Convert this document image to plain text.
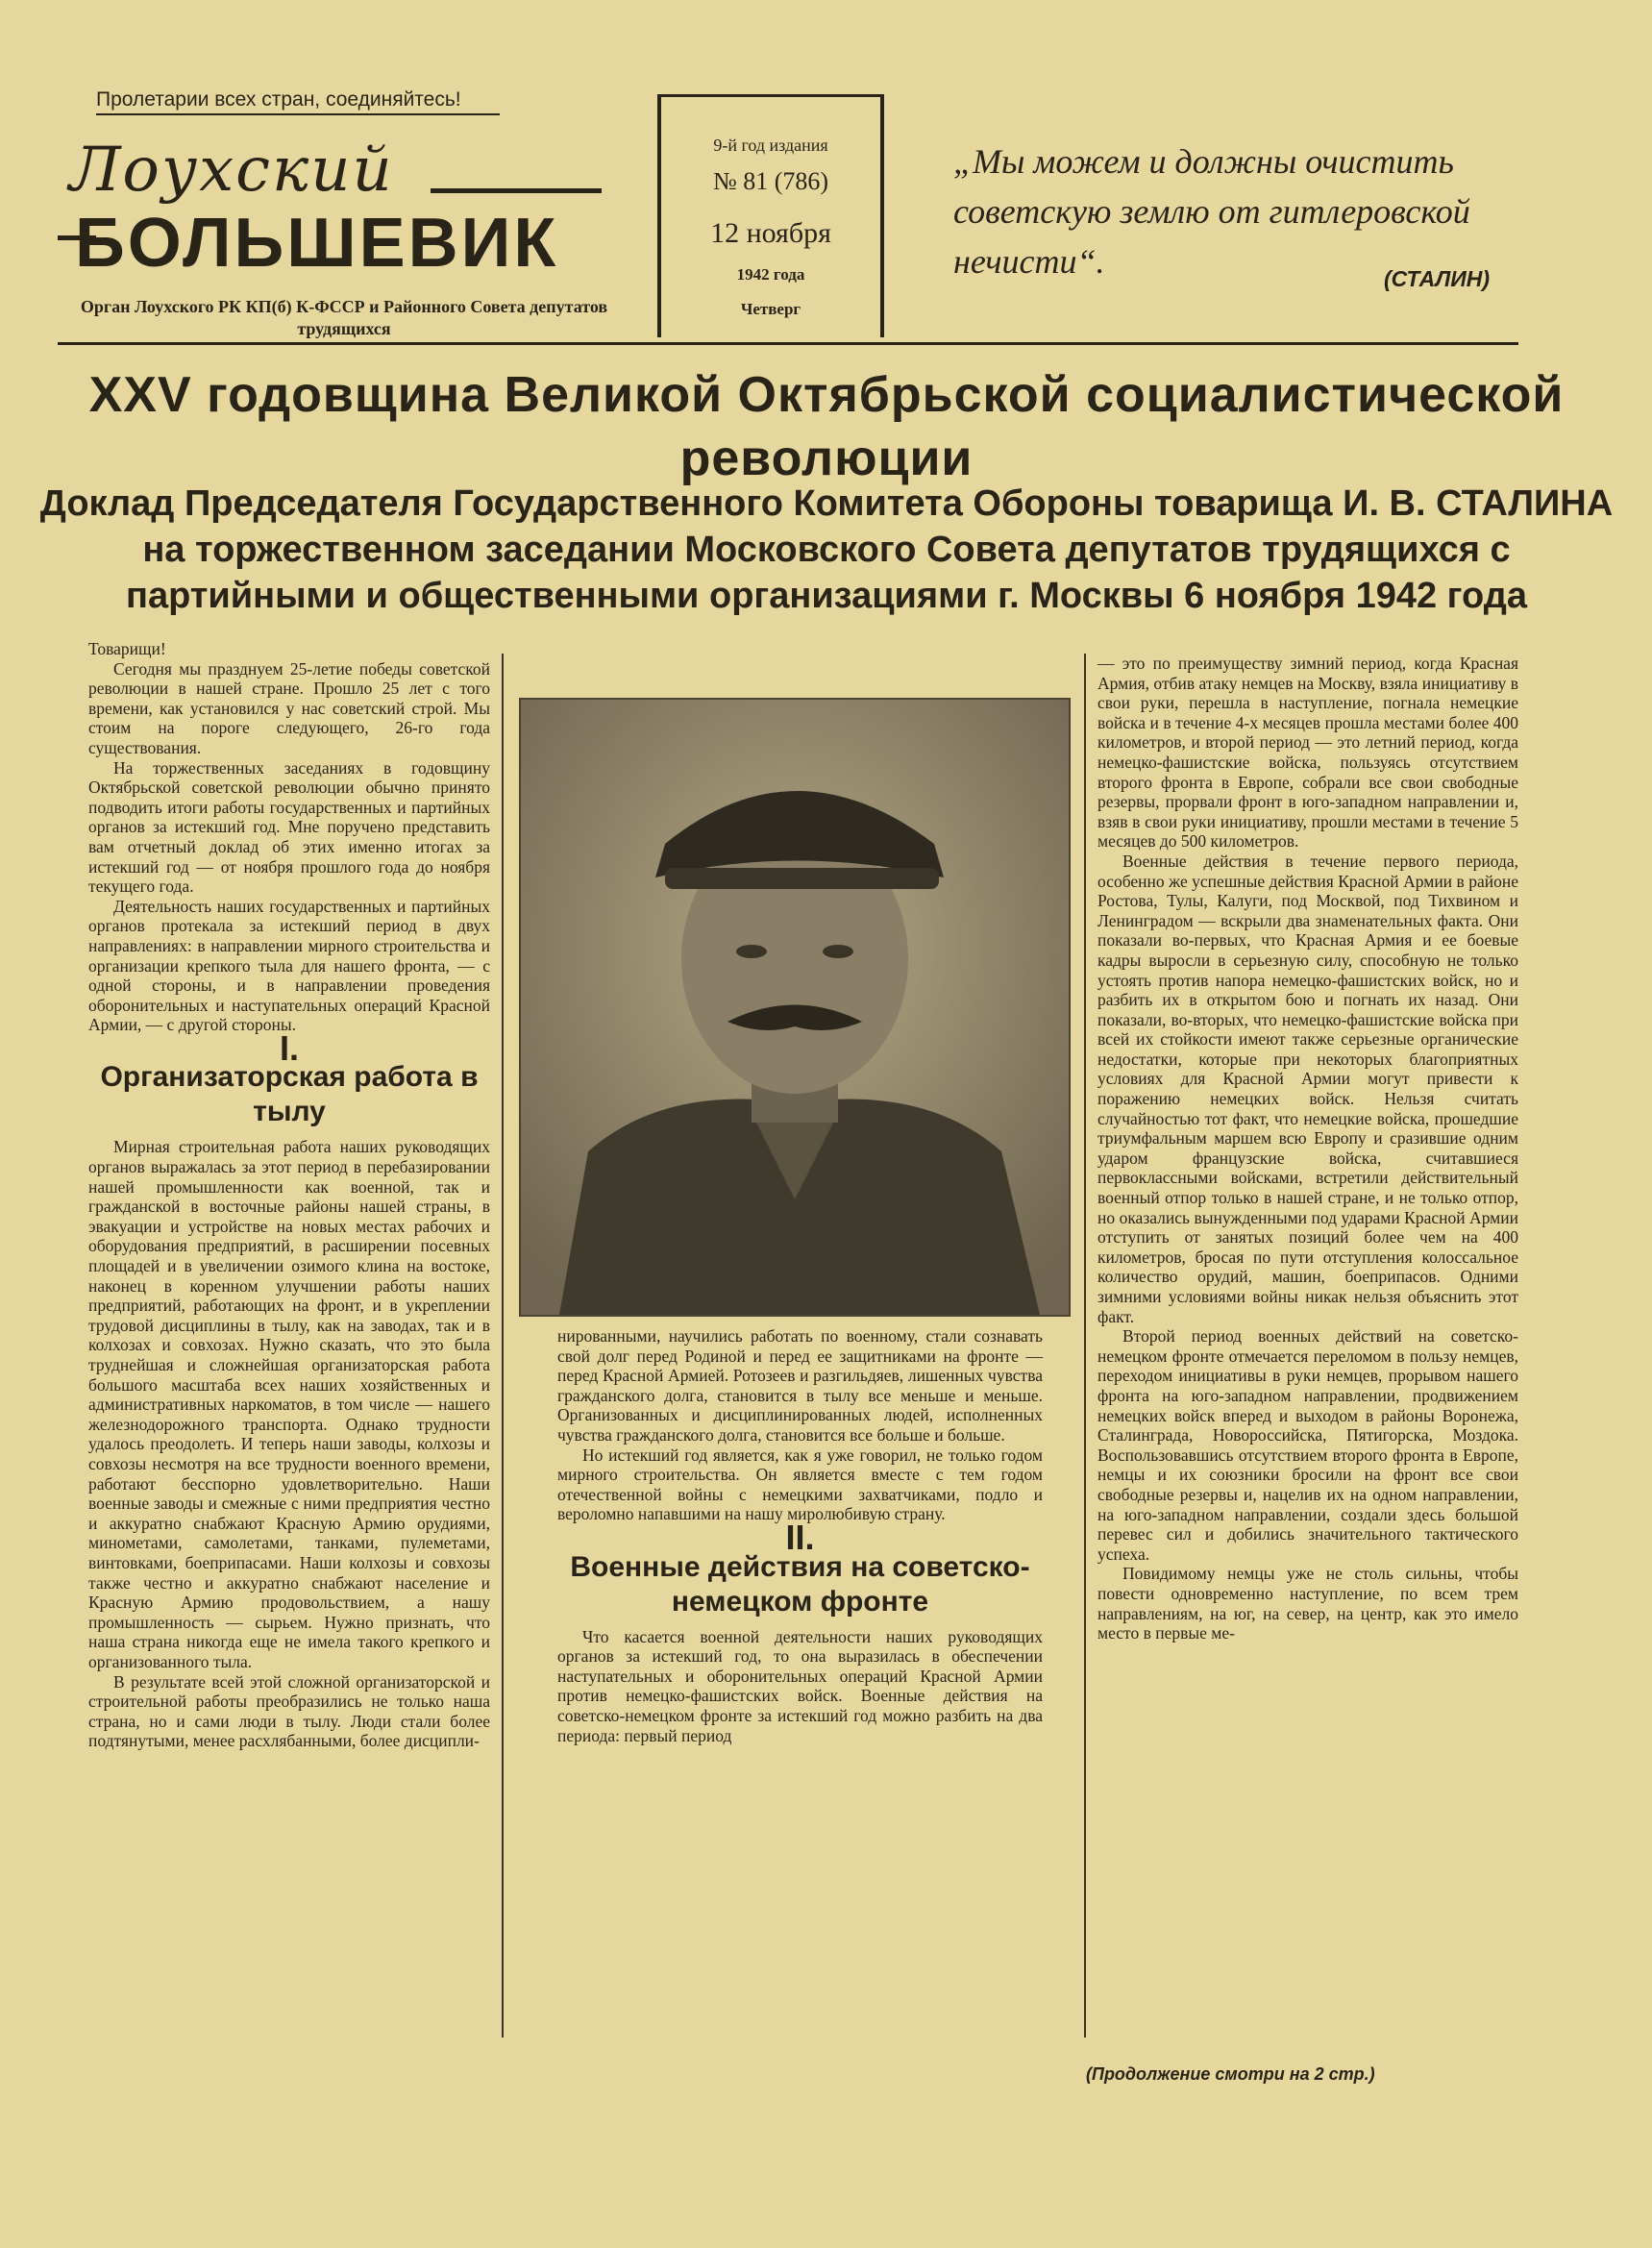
Пролетарии всех стран, соединяйтесь!
Лоухский
БОЛЬШЕВИК
Орган Лоухского РК КП(б) К-ФССР и Районного Совета депутатов трудящихся
9-й год издания
№ 81 (786)
12 ноября
1942 года
Четверг
„Мы можем и должны очистить советскую землю от гитлеровской нечисти“.	(СТАЛИН)
XXV годовщина Великой Октябрьской социалистической революции
Доклад Председателя Государственного Комитета Обороны товарища И. В. СТАЛИНА на торжественном заседании Московского Совета депутатов трудящихся с партийными и общественными организациями г. Москвы 6 ноября 1942 года

Товарищи!

Сегодня мы празднуем 25-летие победы советской революции в нашей стране. Прошло 25 лет с того времени, как установился у нас советский строй. Мы стоим на пороге следующего, 26-го года существования.

На торжественных заседаниях в годовщину Октябрьской советской революции обычно принято подводить итоги работы государственных и партийных органов за истекший год. Мне поручено представить вам отчетный доклад об этих именно итогах за истекший год — от ноября прошлого года до ноября текущего года.

Деятельность наших государственных и партийных органов протекала за истекший период в двух направлениях: в направлении мирного строительства и организации крепкого тыла для нашего фронта, — с одной стороны, и в направлении проведения оборонительных и наступательных операций Красной Армии, — с другой стороны.

I.
Организаторская работа в тылу

Мирная строительная работа наших руководящих органов выражалась за этот период в перебазировании нашей промышленности как военной, так и гражданской в восточные районы нашей страны, в эвакуации и устройстве на новых местах рабочих и оборудования предприятий, в расширении посевных площадей и в увеличении озимого клина на востоке, наконец в коренном улучшении работы наших предприятий, работающих на фронт, и в укреплении трудовой дисциплины в тылу, как на заводах, так и в колхозах и совхозах. Нужно сказать, что это была труднейшая и сложнейшая организаторская работа большого масштаба всех наших хозяйственных и административных наркоматов, в том числе — нашего железнодорожного транспорта. Однако трудности удалось преодолеть. И теперь наши заводы, колхозы и совхозы несмотря на все трудности военного времени, работают бесспорно удовлетворительно. Наши военные заводы и смежные с ними предприятия честно и аккуратно снабжают Красную Армию орудиями, минометами, самолетами, танками, пулеметами, винтовками, боеприпасами. Наши колхозы и совхозы также честно и аккуратно снабжают население и Красную Армию продовольствием, а нашу промышленность — сырьем. Нужно признать, что наша страна никогда еще не имела такого крепкого и организованного тыла.

В результате всей этой сложной организаторской и строительной работы преобразились не только наша страна, но и сами люди в тылу. Люди стали более подтянутыми, менее расхлябанными, более дисципли-

нированными, научились работать по военному, стали сознавать свой долг перед Родиной и перед ее защитниками на фронте — перед Красной Армией. Ротозеев и разгильдяев, лишенных чувства гражданского долга, становится в тылу все меньше и меньше. Организованных и дисциплинированных людей, исполненных чувства гражданского долга, становится все больше и больше.

Но истекший год является, как я уже говорил, не только годом мирного строительства. Он является вместе с тем годом отечественной войны с немецкими захватчиками, подло и вероломно напавшими на нашу миролюбивую страну.

II.
Военные действия на советско-немецком фронте

Что касается военной деятельности наших руководящих органов за истекший год, то она выразилась в обеспечении наступательных и оборонительных операций Красной Армии против немецко-фашистских войск. Военные действия на советско-немецком фронте за истекший год можно разбить на два периода: первый период

— это по преимуществу зимний период, когда Красная Армия, отбив атаку немцев на Москву, взяла инициативу в свои руки, перешла в наступление, погнала немецкие войска и в течение 4-х месяцев прошла местами более 400 километров, и второй период — это летний период, когда немецко-фашистские войска, пользуясь отсутствием второго фронта в Европе, собрали все свои свободные резервы, прорвали фронт в юго-западном направлении и, взяв в свои руки инициативу, прошли местами в течение 5 месяцев до 500 километров.

Военные действия в течение первого периода, особенно же успешные действия Красной Армии в районе Ростова, Тулы, Калуги, под Москвой, под Тихвином и Ленинградом — вскрыли два знаменательных факта. Они показали во-первых, что Красная Армия и ее боевые кадры выросли в серьезную силу, способную не только устоять против напора немецко-фашистских войск, но и разбить их в открытом бою и погнать их назад. Они показали, во-вторых, что немецко-фашистские войска при всей их стойкости имеют также серьезные органические недостатки, которые при некоторых благоприятных условиях для Красной Армии могут привести к поражению немецких войск. Нельзя считать случайностью тот факт, что немецкие войска, прошедшие триумфальным маршем всю Европу и сразившие одним ударом французские войска, считавшиеся первоклассными войсками, встретили действительный военный отпор только в нашей стране, и не только отпор, но оказались вынужденными под ударами Красной Армии отступить от занятых позиций более чем на 400 километров, бросая по пути отступления колоссальное количество орудий, машин, боеприпасов. Одними зимними условиями войны никак нельзя объяснить этот факт.

Второй период военных действий на советско-немецком фронте отмечается переломом в пользу немцев, переходом инициативы в руки немцев, прорывом нашего фронта на юго-западном направлении, продвижением немецких войск вперед и выходом в районы Воронежа, Сталинграда, Новороссийска, Пятигорска, Моздока. Воспользовавшись отсутствием второго фронта в Европе, немцы и их союзники бросили на фронт все свои свободные резервы и, нацелив их на одном направлении, на юго-западном направлении, создали здесь большой перевес сил и добились значительного тактического успеха.

Повидимому немцы уже не столь сильны, чтобы повести одновременно наступление, по всем трем направлениям, на юг, на север, на центр, как это имело место в первые ме-

(Продолжение смотри на 2 стр.)
